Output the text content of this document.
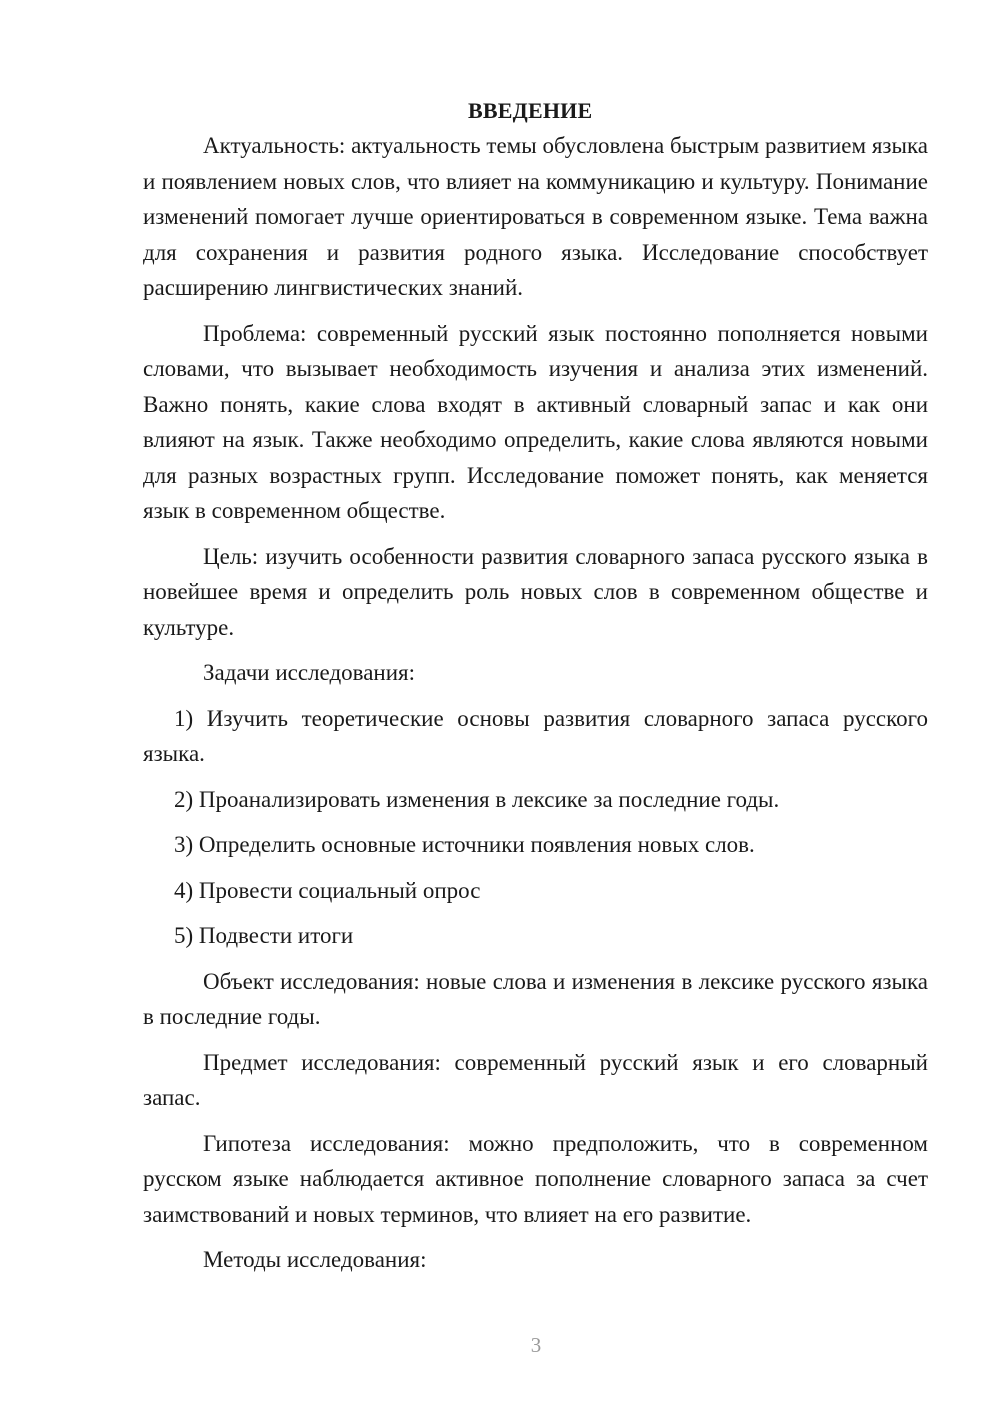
ВВЕДЕНИЕ

Актуальность: актуальность темы обусловлена быстрым развитием языка и появлением новых слов, что влияет на коммуникацию и культуру. Понимание изменений помогает лучше ориентироваться в современном языке. Тема важна для сохранения и развития родного языка. Исследование способствует расширению лингвистических знаний.

Проблема: современный русский язык постоянно пополняется новыми словами, что вызывает необходимость изучения и анализа этих изменений. Важно понять, какие слова входят в активный словарный запас и как они влияют на язык. Также необходимо определить, какие слова являются новыми для разных возрастных групп. Исследование поможет понять, как меняется язык в современном обществе.

Цель: изучить особенности развития словарного запаса русского языка в новейшее время и определить роль новых слов в современном обществе и культуре.

Задачи исследования:

1) Изучить теоретические основы развития словарного запаса русского языка.

2) Проанализировать изменения в лексике за последние годы.

3) Определить основные источники появления новых слов.

4) Провести социальный опрос

5) Подвести итоги

Объект исследования: новые слова и изменения в лексике русского языка в последние годы.

Предмет исследования: современный русский язык и его словарный запас.

Гипотеза исследования: можно предположить, что в современном русском языке наблюдается активное пополнение словарного запаса за счет заимствований и новых терминов, что влияет на его развитие.

Методы исследования:

3
